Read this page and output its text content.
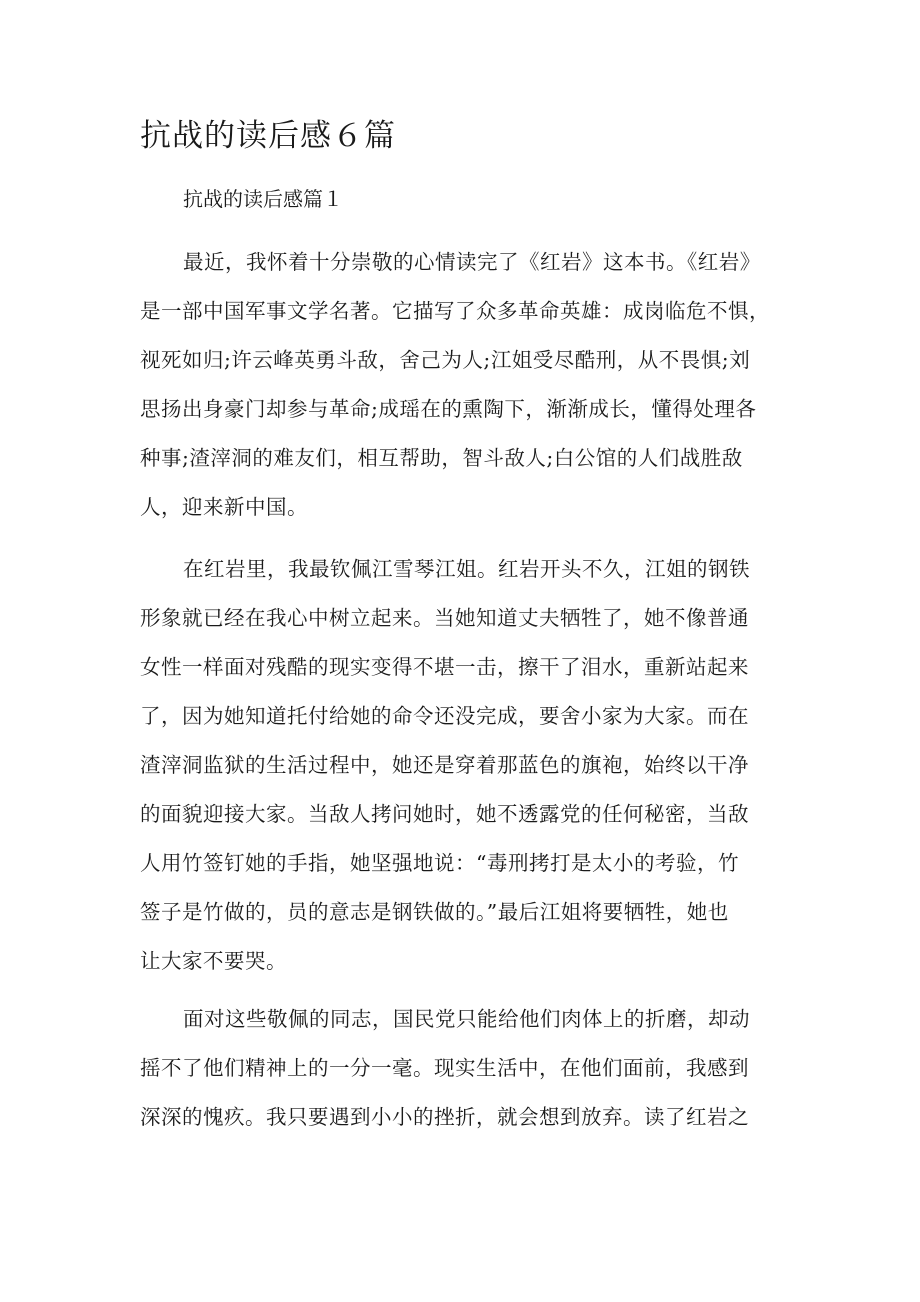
抗战的读后感６篇
抗战的读后感篇１
最近，我怀着十分崇敬的心情读完了《红岩》这本书。《红岩》
是一部中国军事文学名著。它描写了众多革命英雄：成岗临危不惧，
视死如归;许云峰英勇斗敌，舍己为人;江姐受尽酷刑，从不畏惧;刘
思扬出身豪门却参与革命;成瑶在的熏陶下，渐渐成长，懂得处理各
种事;渣滓洞的难友们，相互帮助，智斗敌人;白公馆的人们战胜敌
人，迎来新中国。
在红岩里，我最钦佩江雪琴江姐。红岩开头不久，江姐的钢铁
形象就已经在我心中树立起来。当她知道丈夫牺牲了，她不像普通
女性一样面对残酷的现实变得不堪一击，擦干了泪水，重新站起来
了，因为她知道托付给她的命令还没完成，要舍小家为大家。而在
渣滓洞监狱的生活过程中，她还是穿着那蓝色的旗袍，始终以干净
的面貌迎接大家。当敌人拷问她时，她不透露党的任何秘密，当敌
人用竹签钉她的手指，她坚强地说：“毒刑拷打是太小的考验，竹
签子是竹做的，员的意志是钢铁做的。”最后江姐将要牺牲，她也
让大家不要哭。
面对这些敬佩的同志，国民党只能给他们肉体上的折磨，却动
摇不了他们精神上的一分一毫。现实生活中，在他们面前，我感到
深深的愧疚。我只要遇到小小的挫折，就会想到放弃。读了红岩之
